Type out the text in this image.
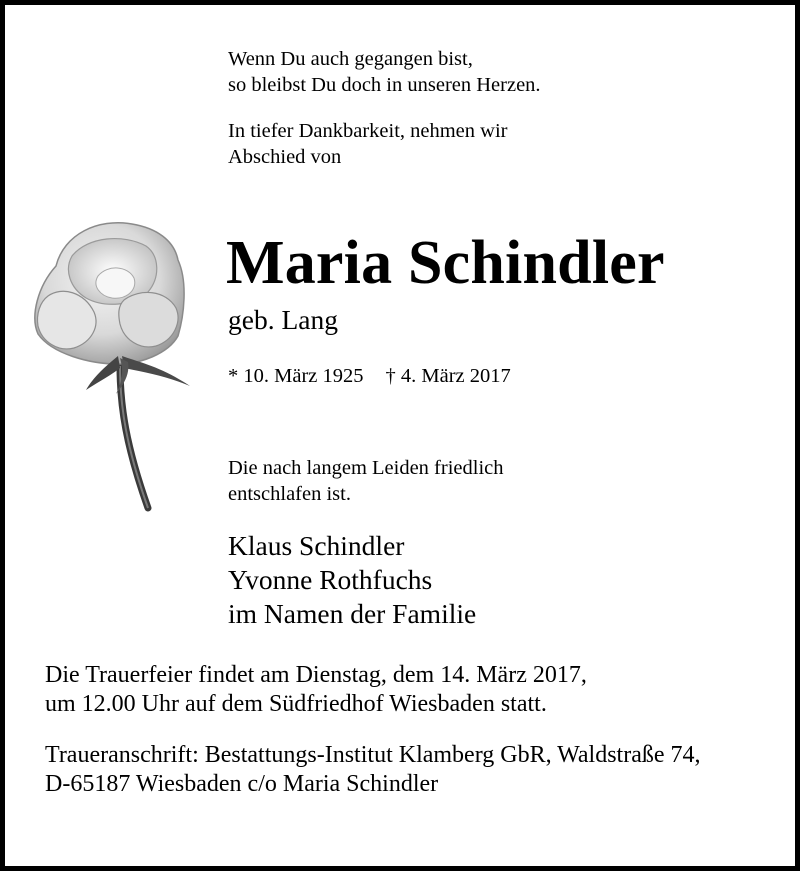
Wenn Du auch gegangen bist,
so bleibst Du doch in unseren Herzen.
In tiefer Dankbarkeit, nehmen wir
Abschied von
Maria Schindler
geb. Lang
* 10. März 1925 † 4. März 2017
Die nach langem Leiden friedlich
entschlafen ist.
Klaus Schindler
Yvonne Rothfuchs
im Namen der Familie
Die Trauerfeier findet am Dienstag, dem 14. März 2017,
um 12.00 Uhr auf dem Südfriedhof Wiesbaden statt.
Traueranschrift: Bestattungs-Institut Klamberg GbR, Waldstraße 74,
D-65187 Wiesbaden c/o Maria Schindler
